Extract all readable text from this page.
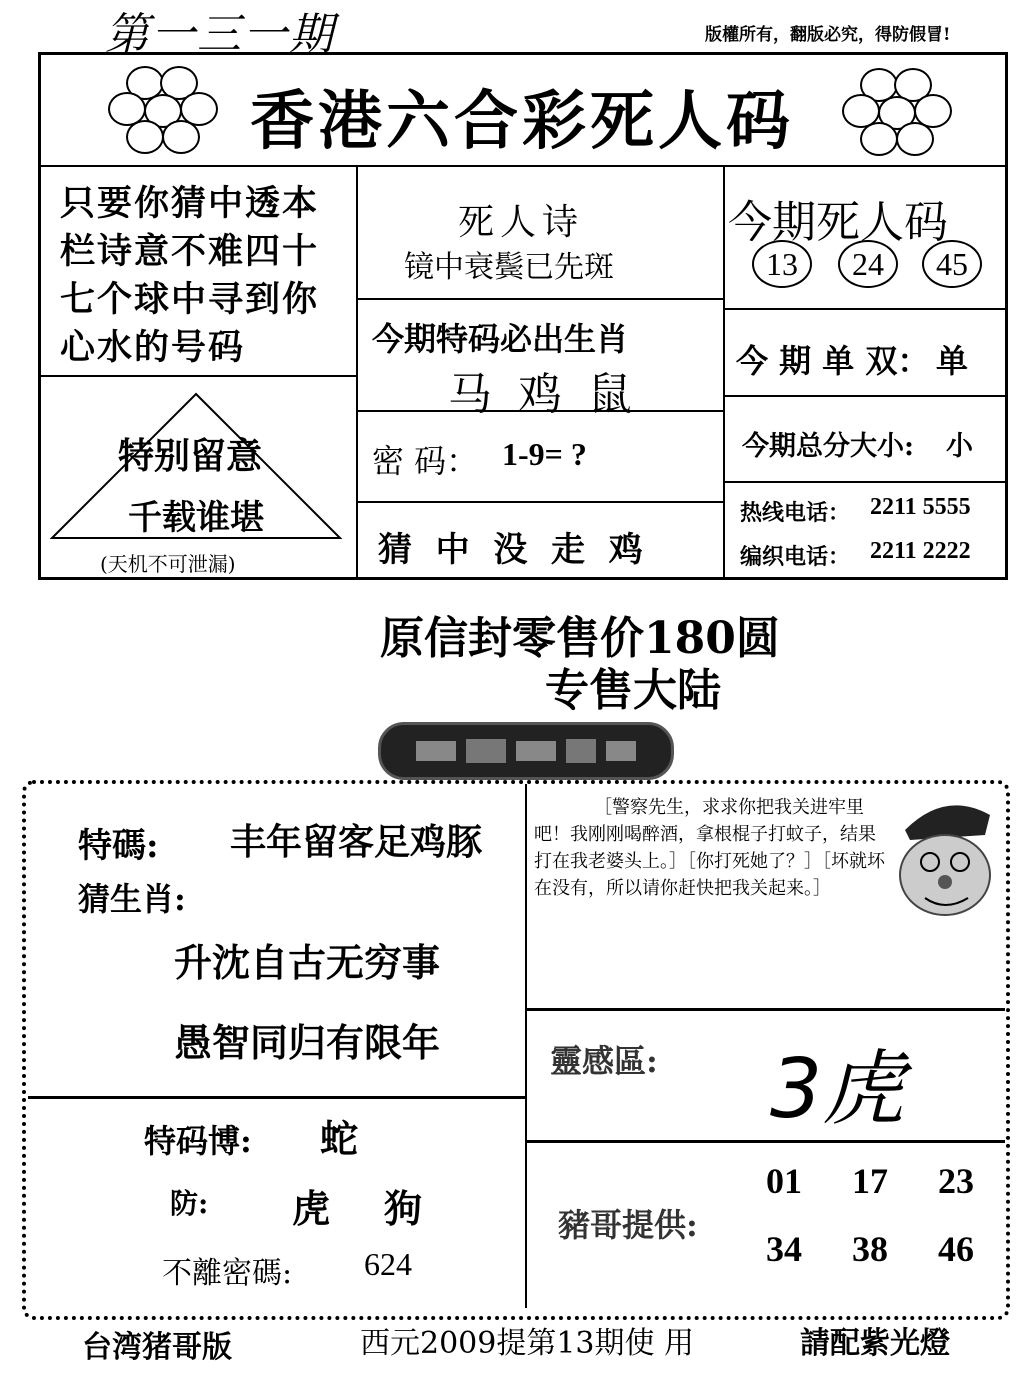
第一三一期	版權所有，翻版必究，得防假冒!
香港六合彩死人码
只要你猜中透本
栏诗意不难四十
七个球中寻到你
心水的号码
特别留意
千载谁堪
(天机不可泄漏)
死人诗
镜中衰鬓已先斑
今期特码必出生肖
马 鸡 鼠
密 码： 1-9= ?
猜  中  没  走  鸡
今期死人码
13	24	45
今 期 单 双： 单
今期总分大小: 小
热线电话： 2211 5555
编织电话： 2211 2222
原信封零售价180圆
专售大陆
特碼: 丰年留客足鸡豚
猜生肖:
升沈自古无穷事
愚智同归有限年
特码博: 蛇
防: 虎 狗
不離密碼: 624
［警察先生，求求你把我关进牢里吧！我刚刚喝醉酒，拿根棍子打蚊子，结果打在我老婆头上。］［你打死她了？］［坏就坏在没有，所以请你赶快把我关起来。］
靈感區: 3虎
豬哥提供:
01 17 23
34 38 46
台湾猪哥版	西元2009提第13期使 用	請配紫光燈
